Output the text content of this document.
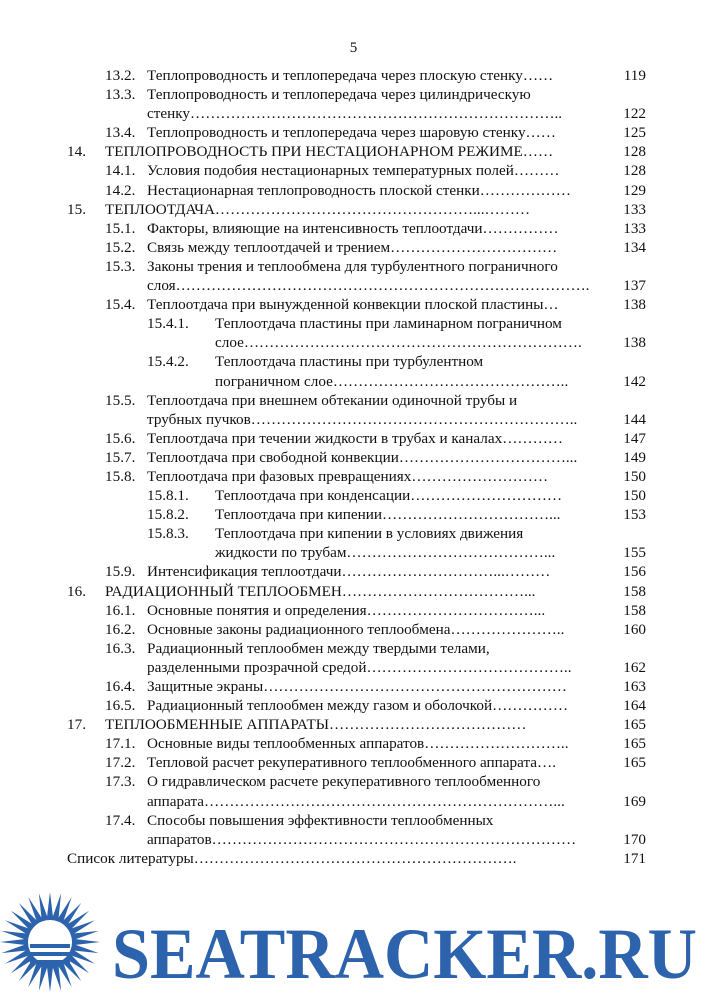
5
13.2. Теплопроводность и теплопередача через плоскую стенку……	119
13.3. Теплопроводность и теплопередача через цилиндрическую
стенку………………………………………………………………..	122
13.4. Теплопроводность и теплопередача через шаровую стенку……	125
14. ТЕПЛОПРОВОДНОСТЬ ПРИ НЕСТАЦИОНАРНОМ РЕЖИМЕ……	128
14.1. Условия подобия нестационарных температурных полей………	128
14.2. Нестационарная теплопроводность плоской стенки………………	129
15. ТЕПЛООТДАЧА……………………………………………...………	133
15.1. Факторы, влияющие на интенсивность теплоотдачи……………	133
15.2. Связь между теплоотдачей и трением……………………………	134
15.3. Законы трения и теплообмена для турбулентного пограничного
слоя……………………………………………………………………….	137
15.4. Теплоотдача при вынужденной конвекции плоской пластины…	138
15.4.1. Теплоотдача пластины при ламинарном пограничном
слое………………………………………………………….	138
15.4.2. Теплоотдача пластины при турбулентном
пограничном слое………………………………………..	142
15.5. Теплоотдача при внешнем обтекании одиночной трубы и
трубных пучков………………………………………………………..	144
15.6. Теплоотдача при течении жидкости в трубах и каналах…………	147
15.7. Теплоотдача при свободной конвекции……………………………...	149
15.8. Теплоотдача при фазовых превращениях………………………	150
15.8.1. Теплоотдача при конденсации…………………………	150
15.8.2. Теплоотдача при кипении……………………………...	153
15.8.3. Теплоотдача при кипении в условиях движения
жидкости по трубам…………………………………...	155
15.9. Интенсификация теплоотдачи…………………………...………	156
16. РАДИАЦИОННЫЙ ТЕПЛООБМЕН………………………………...	158
16.1. Основные понятия и определения……………………………...	158
16.2. Основные законы радиационного теплообмена…………………..	160
16.3. Радиационный теплообмен между твердыми телами,
разделенными прозрачной средой…………………………………..	162
16.4. Защитные экраны……………………………………………………	163
16.5. Радиационный теплообмен между газом и оболочкой……………	164
17. ТЕПЛООБМЕННЫЕ АППАРАТЫ…………………………………	165
17.1. Основные виды теплообменных аппаратов………………………..	165
17.2. Тепловой расчет рекуперативного теплообменного аппарата….	165
17.3. О гидравлическом расчете рекуперативного теплообменного
аппарата……………………………………………………………...	169
17.4. Способы повышения эффективности теплообменных
аппаратов………………………………………………………………	170
Список литературы……………………………………………………….	171
SEATRACKER.RU
